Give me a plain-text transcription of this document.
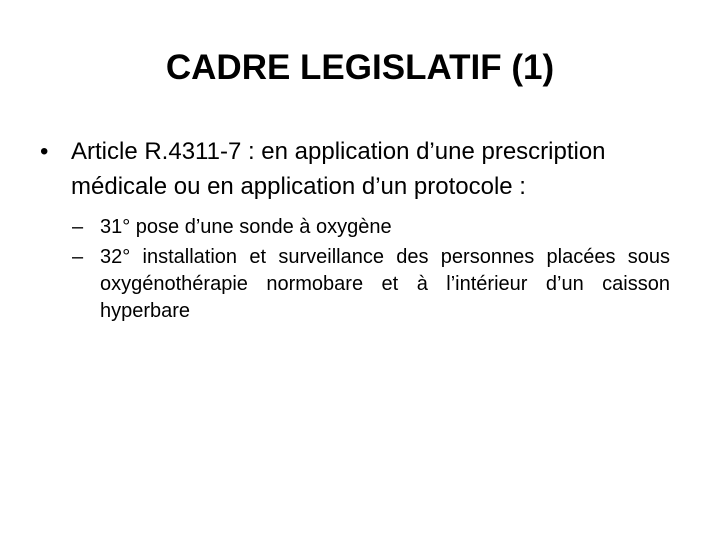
CADRE LEGISLATIF (1)
• Article R.4311-7 : en application d’une prescription médicale ou en application d’un protocole :
– 31° pose d’une sonde à oxygène
– 32° installation et surveillance des personnes placées sous oxygénothérapie normobare et à l’intérieur d’un caisson hyperbare
